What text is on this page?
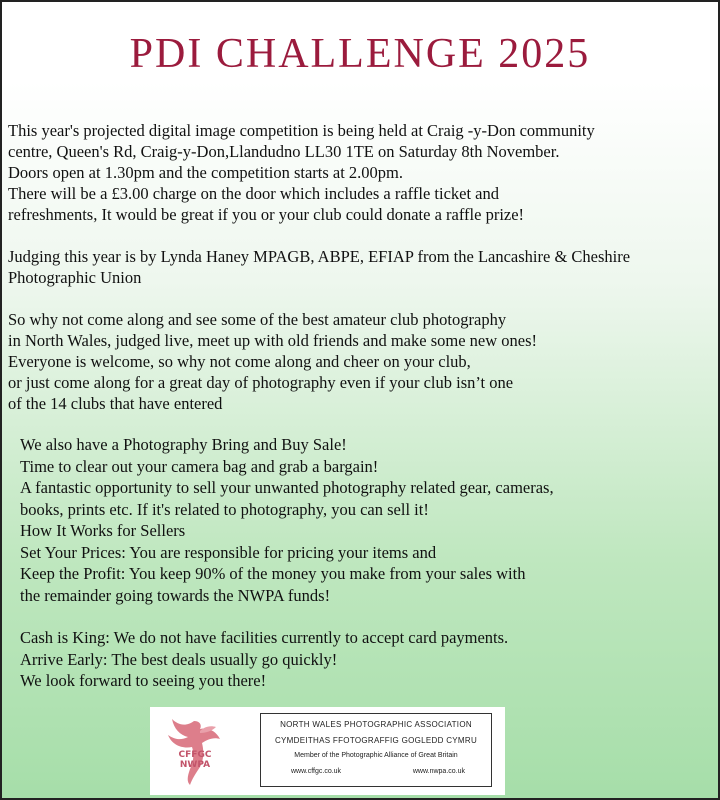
PDI CHALLENGE 2025

This year's projected digital image competition is being held at Craig -y-Don community
centre, Queen's Rd, Craig-y-Don,Llandudno LL30 1TE on Saturday 8th November.
Doors open at 1.30pm and the competition starts at 2.00pm.
There will be a £3.00 charge on the door which includes a raffle ticket and
refreshments, It would be great if you or your club could donate a raffle prize!

Judging this year is by Lynda Haney MPAGB, ABPE, EFIAP from the Lancashire & Cheshire
Photographic Union

So why not come along and see some of the best amateur club photography
in North Wales, judged live, meet up with old friends and make some new ones!
Everyone is welcome, so why not come along and cheer on your club,
or just come along for a great day of photography even if your club isn’t one
of the 14 clubs that have entered

We also have a Photography Bring and Buy Sale!
Time to clear out your camera bag and grab a bargain!
A fantastic opportunity to sell your unwanted photography related gear, cameras,
books, prints etc. If it's related to photography, you can sell it!
How It Works for Sellers
Set Your Prices: You are responsible for pricing your items and
Keep the Profit: You keep 90% of the money you make from your sales with
the remainder going towards the NWPA funds!

Cash is King: We do not have facilities currently to accept card payments.
Arrive Early: The best deals usually go quickly!
We look forward to seeing you there!

CFFGC
NWPA
NORTH WALES PHOTOGRAPHIC ASSOCIATION
CYMDEITHAS FFOTOGRAFFIG GOGLEDD CYMRU
Member of the Photographic Alliance of Great Britain
www.cffgc.co.uk	www.nwpa.co.uk
